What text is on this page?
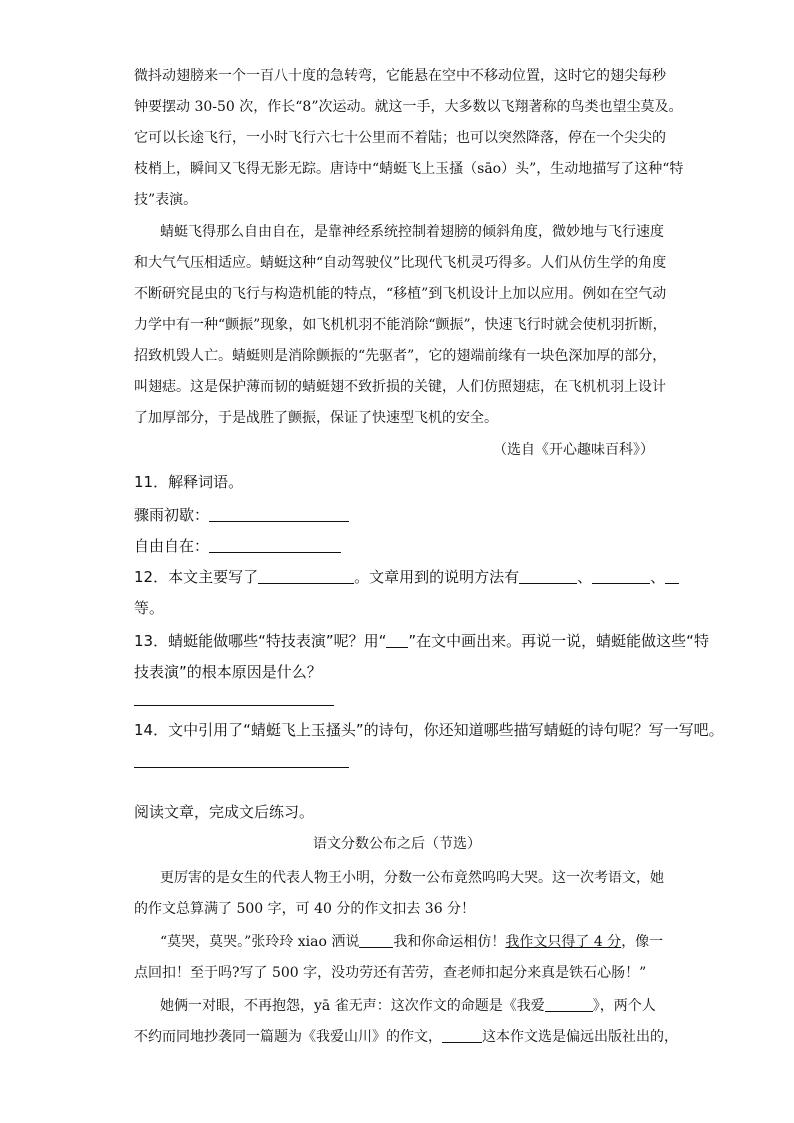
微抖动翅膀来一个一百八十度的急转弯，它能悬在空中不移动位置，这时它的翅尖每秒
钟要摆动 30-50 次，作长“8”次运动。就这一手，大多数以飞翔著称的鸟类也望尘莫及。
它可以长途飞行，一小时飞行六七十公里而不着陆；也可以突然降落，停在一个尖尖的
枝梢上，瞬间又飞得无影无踪。唐诗中“蜻蜓飞上玉搔（sāo）头”，生动地描写了这种“特
技”表演。
蜻蜓飞得那么自由自在，是靠神经系统控制着翅膀的倾斜角度，微妙地与飞行速度
和大气气压相适应。蜻蜓这种“自动驾驶仪”比现代飞机灵巧得多。人们从仿生学的角度
不断研究昆虫的飞行与构造机能的特点，“移植”到飞机设计上加以应用。例如在空气动
力学中有一种“颤振”现象，如飞机机羽不能消除“颤振”，快速飞行时就会使机羽折断，
招致机毁人亡。蜻蜓则是消除颤振的“先驱者”，它的翅端前缘有一块色深加厚的部分，
叫翅痣。这是保护薄而韧的蜻蜓翅不致折损的关键，人们仿照翅痣，在飞机机羽上设计
了加厚部分，于是战胜了颤振，保证了快速型飞机的安全。
（选自《开心趣味百科》）
11．解释词语。
骤雨初歇：
自由自在：
12．本文主要写了	。文章用到的说明方法有	、	、
等。
13．蜻蜓能做哪些“特技表演”呢？用“ ”在文中画出来。再说一说，蜻蜓能做这些“特
技表演”的根本原因是什么？
14．文中引用了“蜻蜓飞上玉搔头”的诗句，你还知道哪些描写蜻蜓的诗句呢？写一写吧。
阅读文章，完成文后练习。
语文分数公布之后（节选）
更厉害的是女生的代表人物王小明，分数一公布竟然呜呜大哭。这一次考语文，她
的作文总算满了 500 字，可 40 分的作文扣去 36 分！
“莫哭，莫哭。”张玲玲 xiao 洒说 我和你命运相仿！我作文只得了 4 分，像一
点回扣！至于吗?写了 500 字，没功劳还有苦劳，查老师扣起分来真是铁石心肠！”
她俩一对眼，不再抱怨，yā 雀无声：这次作文的命题是《我爱	》，两个人
不约而同地抄袭同一篇题为《我爱山川》的作文，	这本作文选是偏远出版社出的，
